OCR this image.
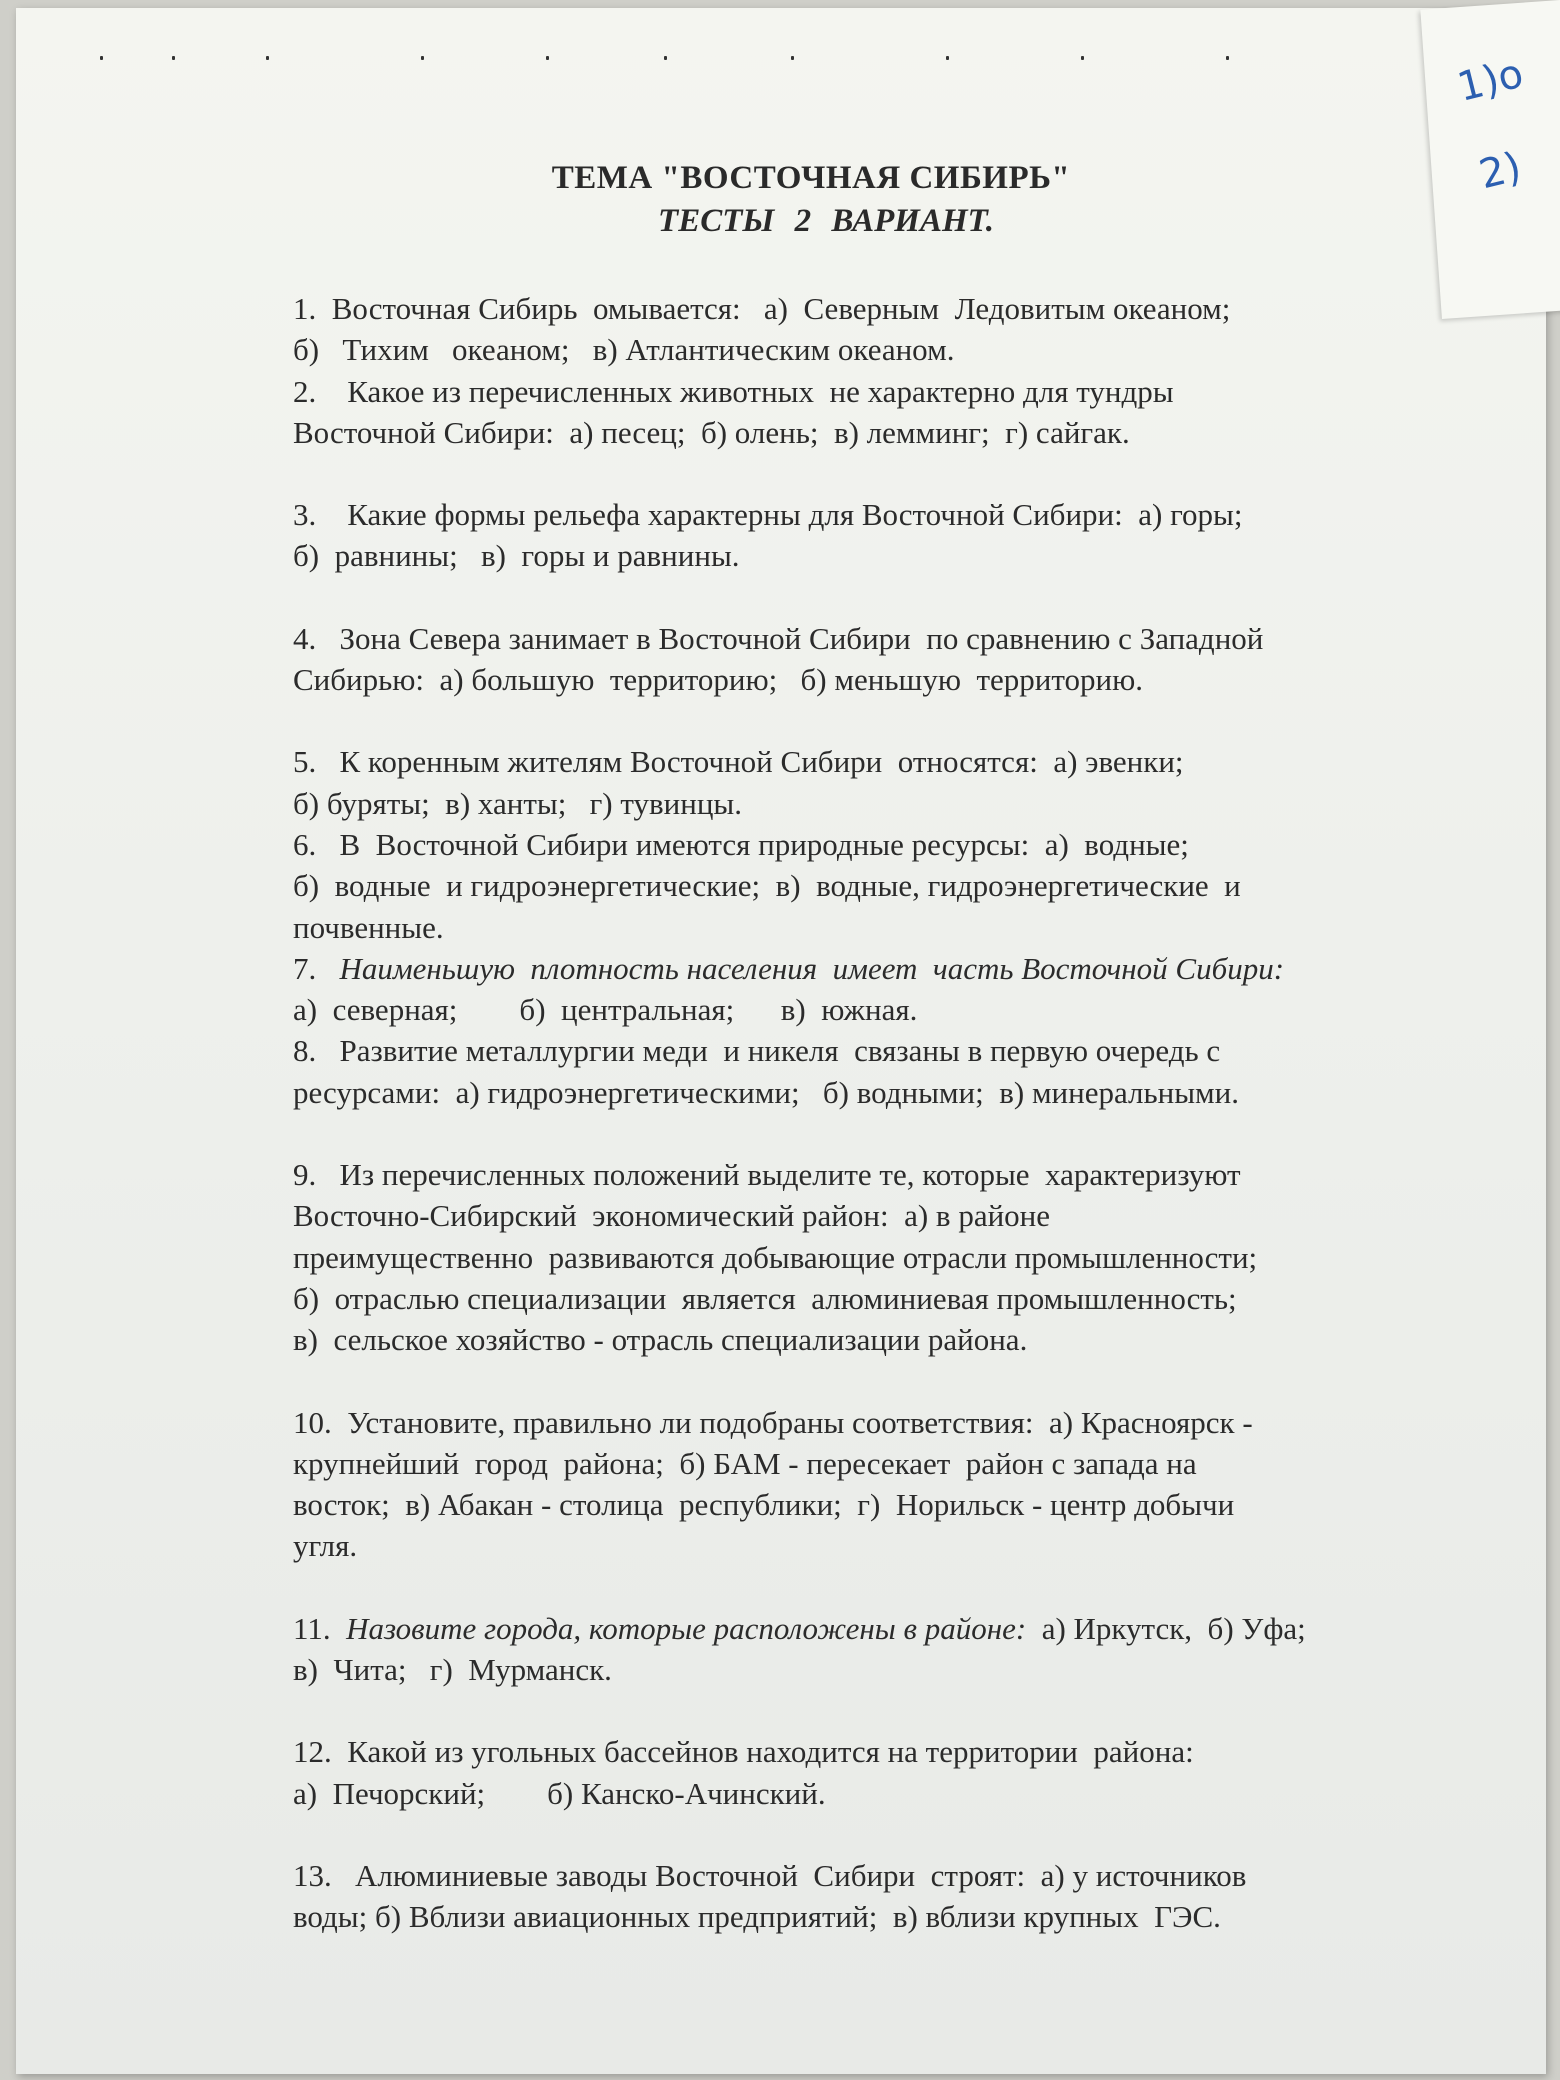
ТЕМА "ВОСТОЧНАЯ СИБИРЬ"
ТЕСТЫ 2 ВАРИАНТ.

1.  Восточная Сибирь  омывается:   а)  Северным  Ледовитым океаном;
б)   Тихим   океаном;   в) Атлантическим океаном.

2.    Какое из перечисленных животных  не характерно для тундры
Восточной Сибири:  а) песец;  б) олень;  в) лемминг;  г) сайгак.

3.    Какие формы рельефа характерны для Восточной Сибири:  а) горы;
б)  равнины;   в)  горы и равнины.

4.   Зона Севера занимает в Восточной Сибири  по сравнению с Западной
Сибирью:  а) большую  территорию;   б) меньшую  территорию.

5.   К коренным жителям Восточной Сибири  относятся:  а) эвенки;
б) буряты;  в) ханты;   г) тувинцы.

6.   В  Восточной Сибири имеются природные ресурсы:  а)  водные;
б)  водные  и гидроэнергетические;  в)  водные, гидроэнергетические  и
почвенные.

7.   Наименьшую  плотность населения  имеет  часть Восточной Сибири:
а)  северная;        б)  центральная;      в)  южная.

8.   Развитие металлургии меди  и никеля  связаны в первую очередь с
ресурсами:  а) гидроэнергетическими;   б) водными;  в) минеральными.

9.   Из перечисленных положений выделите те, которые  характеризуют
Восточно-Сибирский  экономический район:  а) в районе
преимущественно  развиваются добывающие отрасли промышленности;
б)  отраслью специализации  является  алюминиевая промышленность;
в)  сельское хозяйство - отрасль специализации района.

10.  Установите, правильно ли подобраны соответствия:  а) Красноярск -
крупнейший  город  района;  б) БАМ - пересекает  район с запада на
восток;  в) Абакан - столица  республики;  г)  Норильск - центр добычи
угля.

11.  Назовите города, которые расположены в районе:  а) Иркутск,  б) Уфа;
в)  Чита;   г)  Мурманск.

12.  Какой из угольных бассейнов находится на территории  района:
а)  Печорский;        б) Канско-Ачинский.

13.   Алюминиевые заводы Восточной  Сибири  строят:  а) у источников
воды; б) Вблизи авиационных предприятий;  в) вблизи крупных  ГЭС.

1)о
2)
